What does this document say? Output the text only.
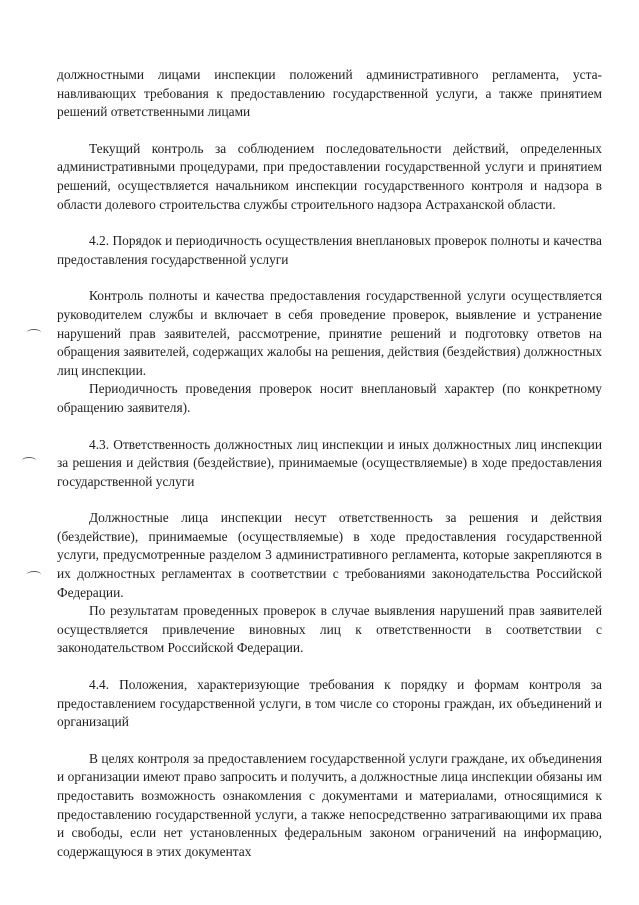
должностными лицами инспекции положений административного регламента, устанавливающих требования к предоставлению государственной услуги, а также принятием решений ответственными лицами

Текущий контроль за соблюдением последовательности действий, определенных административными процедурами, при предоставлении государственной услуги и принятием решений, осуществляется начальником инспекции государственного контроля и надзора в области долевого строительства службы строительного надзора Астраханской области.

4.2. Порядок и периодичность осуществления внеплановых проверок полноты и качества предоставления государственной услуги

Контроль полноты и качества предоставления государственной услуги осуществляется руководителем службы и включает в себя проведение проверок, выявление и устранение нарушений прав заявителей, рассмотрение, принятие решений и подготовку ответов на обращения заявителей, содержащих жалобы на решения, действия (бездействия) должностных лиц инспекции.

Периодичность проведения проверок носит внеплановый характер (по конкретному обращению заявителя).

4.3. Ответственность должностных лиц инспекции и иных должностных лиц инспекции за решения и действия (бездействие), принимаемые (осуществляемые) в ходе предоставления государственной услуги

Должностные лица инспекции несут ответственность за решения и действия (бездействие), принимаемые (осуществляемые) в ходе предоставления государственной услуги, предусмотренные разделом 3 административного регламента, которые закрепляются в их должностных регламентах в соответствии с требованиями законодательства Российской Федерации.

По результатам проведенных проверок в случае выявления нарушений прав заявителей осуществляется привлечение виновных лиц к ответственности в соответствии с законодательством Российской Федерации.

4.4. Положения, характеризующие требования к порядку и формам контроля за предоставлением государственной услуги, в том числе со стороны граждан, их объединений и организаций

В целях контроля за предоставлением государственной услуги граждане, их объединения и организации имеют право запросить и получить, а должностные лица инспекции обязаны им предоставить возможность ознакомления с документами и материалами, относящимися к предоставлению государственной услуги, а также непосредственно затрагивающими их права и свободы, если нет установленных федеральным законом ограничений на информацию, содержащуюся в этих документах
